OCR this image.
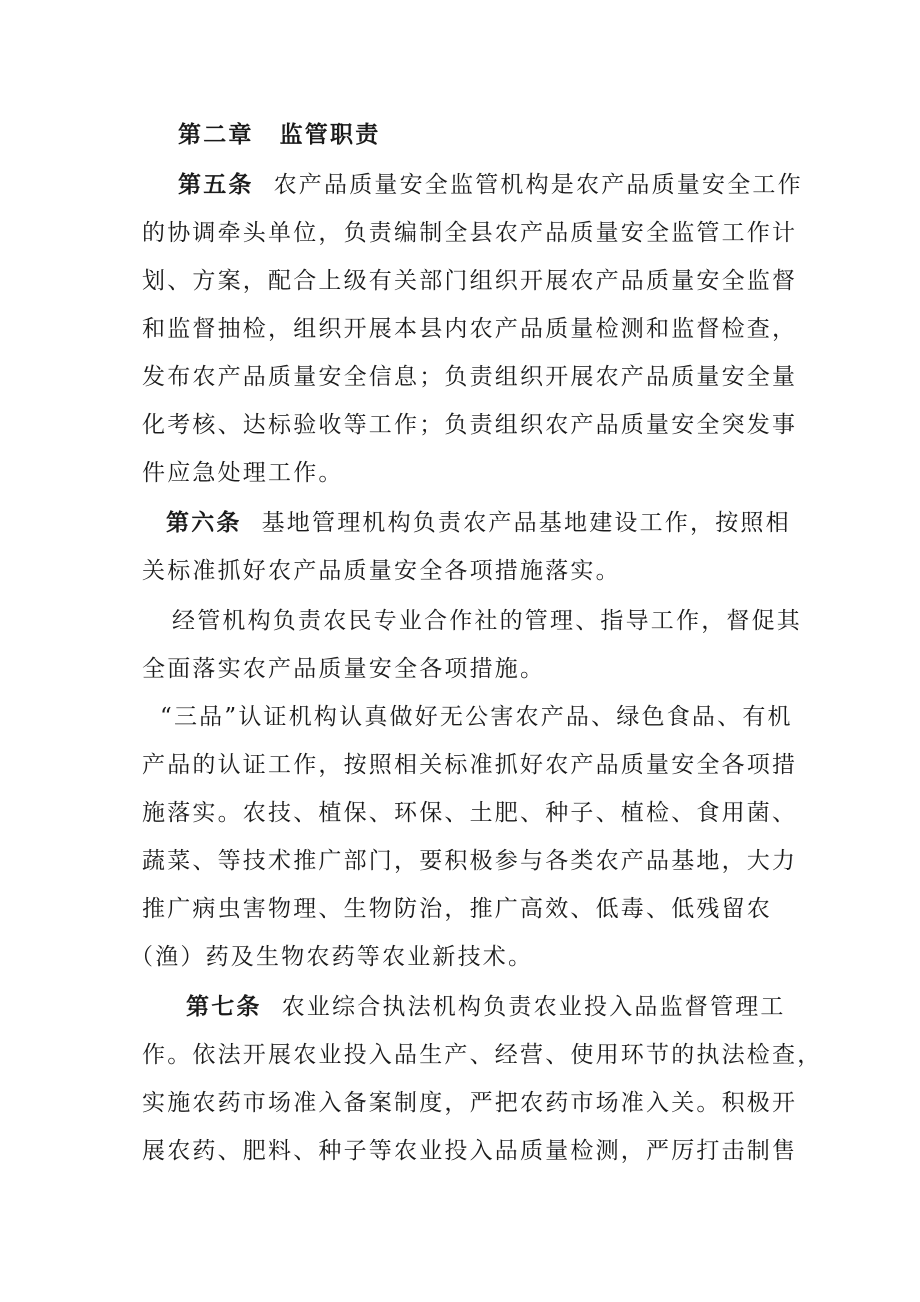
第二章 监管职责
第五条 农产品质量安全监管机构是农产品质量安全工作
的协调牵头单位，负责编制全县农产品质量安全监管工作计
划、方案，配合上级有关部门组织开展农产品质量安全监督
和监督抽检，组织开展本县内农产品质量检测和监督检查，
发布农产品质量安全信息；负责组织开展农产品质量安全量
化考核、达标验收等工作；负责组织农产品质量安全突发事
件应急处理工作。
第六条 基地管理机构负责农产品基地建设工作，按照相
关标准抓好农产品质量安全各项措施落实。
经管机构负责农民专业合作社的管理、指导工作，督促其
全面落实农产品质量安全各项措施。
“三品”认证机构认真做好无公害农产品、绿色食品、有机
产品的认证工作，按照相关标准抓好农产品质量安全各项措
施落实。农技、植保、环保、土肥、种子、植检、食用菌、
蔬菜、等技术推广部门，要积极参与各类农产品基地，大力
推广病虫害物理、生物防治，推广高效、低毒、低残留农
（渔）药及生物农药等农业新技术。
第七条 农业综合执法机构负责农业投入品监督管理工
作。依法开展农业投入品生产、经营、使用环节的执法检查，
实施农药市场准入备案制度，严把农药市场准入关。积极开
展农药、肥料、种子等农业投入品质量检测，严厉打击制售
